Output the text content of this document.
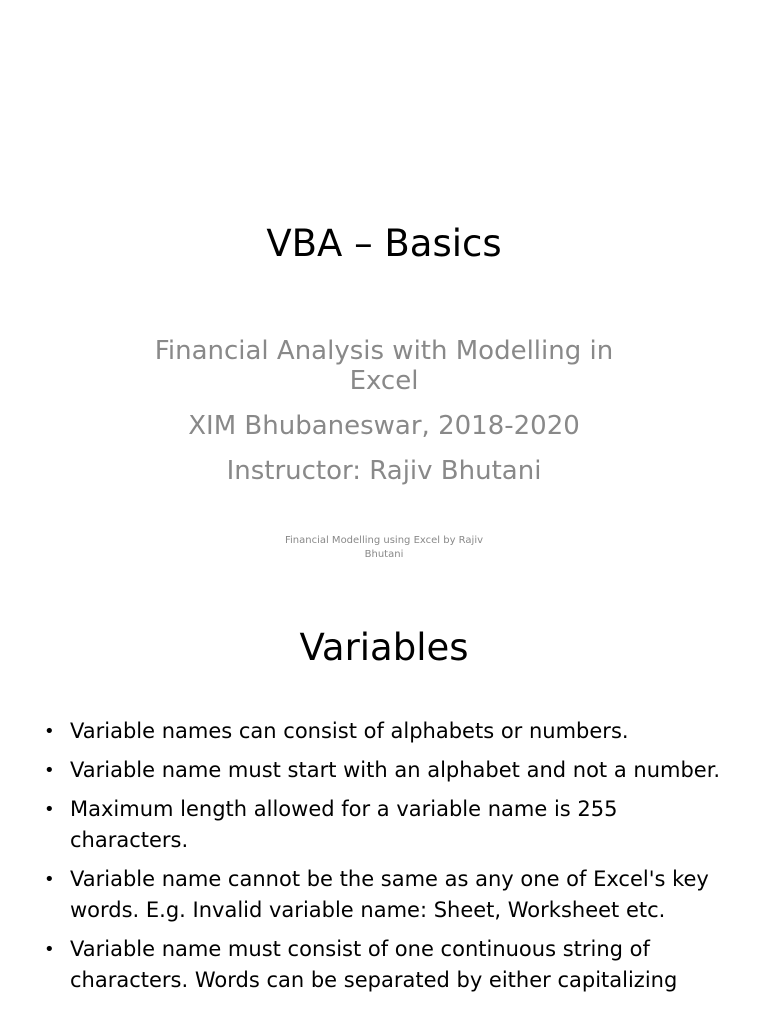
VBA – Basics
Financial Analysis with Modelling in Excel
XIM Bhubaneswar, 2018-2020
Instructor: Rajiv Bhutani
Financial Modelling using Excel by Rajiv Bhutani
Variables
• Variable names can consist of alphabets or numbers.
• Variable name must start with an alphabet and not a number.
• Maximum length allowed for a variable name is 255 characters.
• Variable name cannot be the same as any one of Excel's key words. E.g. Invalid variable name: Sheet, Worksheet etc.
• Variable name must consist of one continuous string of characters. Words can be separated by either capitalizing
